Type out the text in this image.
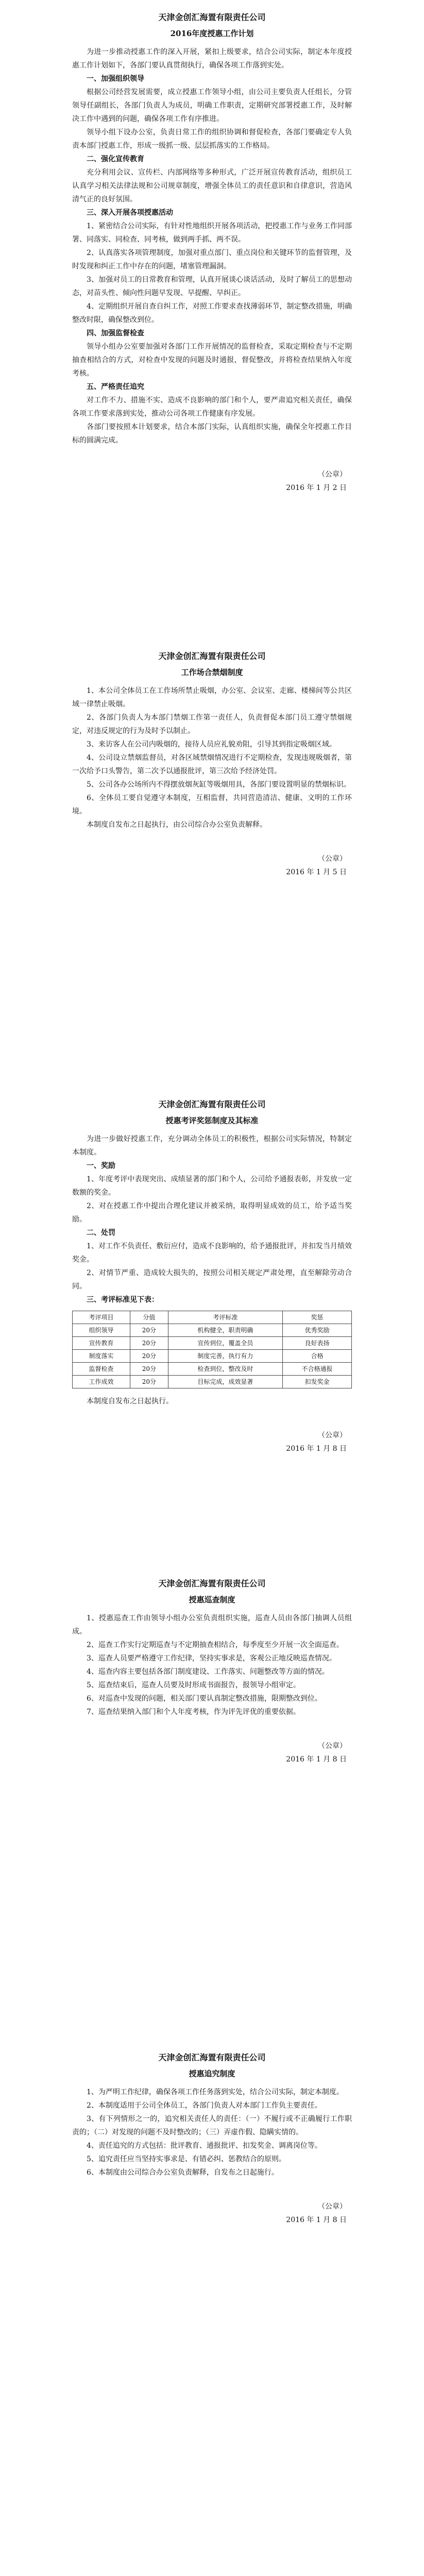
天津金创汇海置有限责任公司

2016年度授惠工作计划

为进一步推动授惠工作的深入开展，紧扣上级要求，结合公司实际，制定本年度授惠工作计划如下，各部门要认真贯彻执行，确保各项工作落到实处。

一、加强组织领导

根据公司经营发展需要，成立授惠工作领导小组，由公司主要负责人任组长，分管领导任副组长，各部门负责人为成员，明确工作职责，定期研究部署授惠工作，及时解决工作中遇到的问题，确保各项工作有序推进。

领导小组下设办公室，负责日常工作的组织协调和督促检查，各部门要确定专人负责本部门授惠工作，形成一级抓一级、层层抓落实的工作格局。

二、强化宣传教育

充分利用会议、宣传栏、内部网络等多种形式，广泛开展宣传教育活动，组织员工认真学习相关法律法规和公司规章制度，增强全体员工的责任意识和自律意识，营造风清气正的良好氛围。

三、深入开展各项授惠活动

1、紧密结合公司实际，有针对性地组织开展各项活动，把授惠工作与业务工作同部署、同落实、同检查、同考核，做到两手抓、两不误。

2、认真落实各项管理制度，加强对重点部门、重点岗位和关键环节的监督管理，及时发现和纠正工作中存在的问题，堵塞管理漏洞。

3、加强对员工的日常教育和管理，认真开展谈心谈话活动，及时了解员工的思想动态，对苗头性、倾向性问题早发现、早提醒、早纠正。

4、定期组织开展自查自纠工作，对照工作要求查找薄弱环节，制定整改措施，明确整改时限，确保整改到位。

四、加强监督检查

领导小组办公室要加强对各部门工作开展情况的监督检查，采取定期检查与不定期抽查相结合的方式，对检查中发现的问题及时通报，督促整改，并将检查结果纳入年度考核。

五、严格责任追究

对工作不力、措施不实、造成不良影响的部门和个人，要严肃追究相关责任，确保各项工作要求落到实处，推动公司各项工作健康有序发展。

各部门要按照本计划要求，结合本部门实际，认真组织实施，确保全年授惠工作目标的圆满完成。

（公章）

2016 年 1 月 2 日

天津金创汇海置有限责任公司

工作场合禁烟制度

1、本公司全体员工在工作场所禁止吸烟，办公室、会议室、走廊、楼梯间等公共区域一律禁止吸烟。

2、各部门负责人为本部门禁烟工作第一责任人，负责督促本部门员工遵守禁烟规定，对违反规定的行为及时予以制止。

3、来访客人在公司内吸烟的，接待人员应礼貌劝阻，引导其到指定吸烟区域。

4、公司设立禁烟监督员，对各区域禁烟情况进行不定期检查，发现违规吸烟者，第一次给予口头警告，第二次予以通报批评，第三次给予经济处罚。

5、公司各办公场所内不得摆放烟灰缸等吸烟用具，各部门要设置明显的禁烟标识。

6、全体员工要自觉遵守本制度，互相监督，共同营造清洁、健康、文明的工作环境。

本制度自发布之日起执行，由公司综合办公室负责解释。

（公章）

2016 年 1 月 5 日

天津金创汇海置有限责任公司

授惠考评奖惩制度及其标准

为进一步做好授惠工作，充分调动全体员工的积极性，根据公司实际情况，特制定本制度。

一、奖励

1、年度考评中表现突出、成绩显著的部门和个人，公司给予通报表彰，并发放一定数额的奖金。

2、对在授惠工作中提出合理化建议并被采纳，取得明显成效的员工，给予适当奖励。

二、处罚

1、对工作不负责任、敷衍应付，造成不良影响的，给予通报批评，并扣发当月绩效奖金。

2、对情节严重、造成较大损失的，按照公司相关规定严肃处理，直至解除劳动合同。

三、考评标准见下表：

考评项目	分值	考评标准	奖惩
组织领导	20分	机构健全，职责明确	优秀奖励
宣传教育	20分	宣传到位，覆盖全员	良好表扬
制度落实	20分	制度完善，执行有力	合格
监督检查	20分	检查到位，整改及时	不合格通报
工作成效	20分	目标完成，成效显著	扣发奖金

本制度自发布之日起执行。

（公章）

2016 年 1 月 8 日

天津金创汇海置有限责任公司

授惠巡查制度

1、授惠巡查工作由领导小组办公室负责组织实施，巡查人员由各部门抽调人员组成。

2、巡查工作实行定期巡查与不定期抽查相结合，每季度至少开展一次全面巡查。

3、巡查人员要严格遵守工作纪律，坚持实事求是，客观公正地反映巡查情况。

4、巡查内容主要包括各部门制度建设、工作落实、问题整改等方面的情况。

5、巡查结束后，巡查人员要及时形成书面报告，报领导小组审定。

6、对巡查中发现的问题，相关部门要认真制定整改措施，限期整改到位。

7、巡查结果纳入部门和个人年度考核，作为评先评优的重要依据。

（公章）

2016 年 1 月 8 日

天津金创汇海置有限责任公司

授惠追究制度

1、为严明工作纪律，确保各项工作任务落到实处，结合公司实际，制定本制度。

2、本制度适用于公司全体员工，各部门负责人对本部门工作负主要责任。

3、有下列情形之一的，追究相关责任人的责任：（一）不履行或不正确履行工作职责的；（二）对发现的问题不及时整改的；（三）弄虚作假、隐瞒实情的。

4、责任追究的方式包括：批评教育、通报批评、扣发奖金、调离岗位等。

5、追究责任应当坚持实事求是、有错必纠、惩教结合的原则。

6、本制度由公司综合办公室负责解释，自发布之日起施行。

（公章）

2016 年 1 月 8 日
